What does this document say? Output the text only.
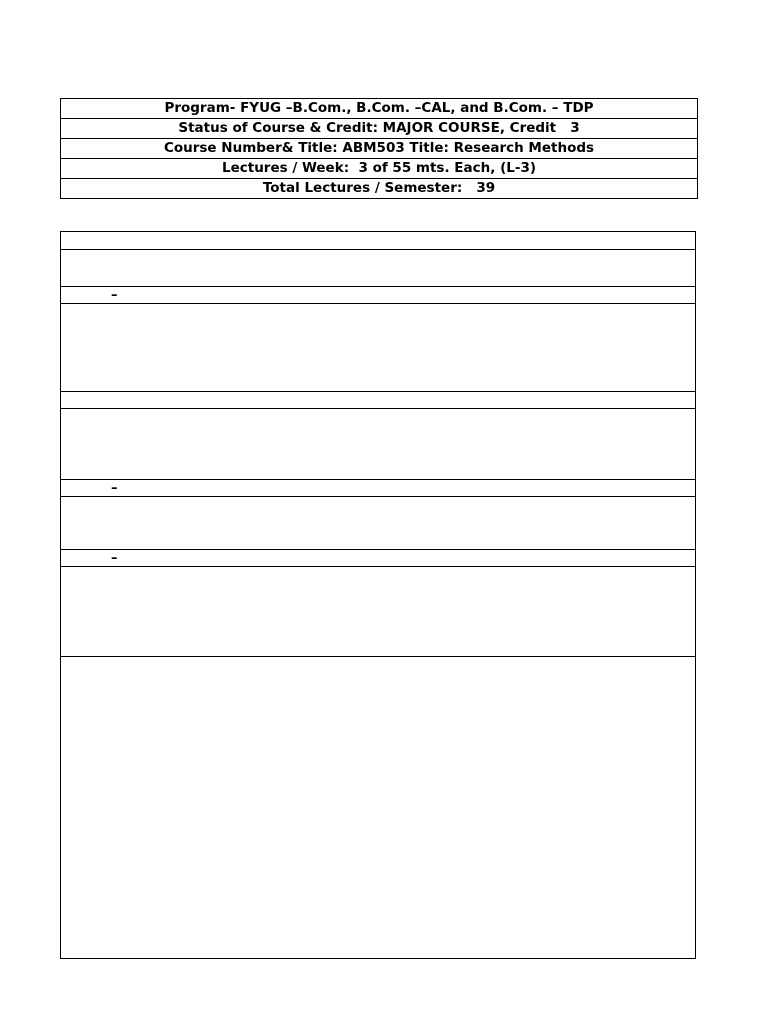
Program- FYUG –B.Com., B.Com. –CAL, and B.Com. – TDP
Status of Course & Credit: MAJOR COURSE, Credit   3
Course Number& Title: ABM503 Title: Research Methods
Lectures / Week:  3 of 55 mts. Each, (L-3)
Total Lectures / Semester:   39
–
–
–
